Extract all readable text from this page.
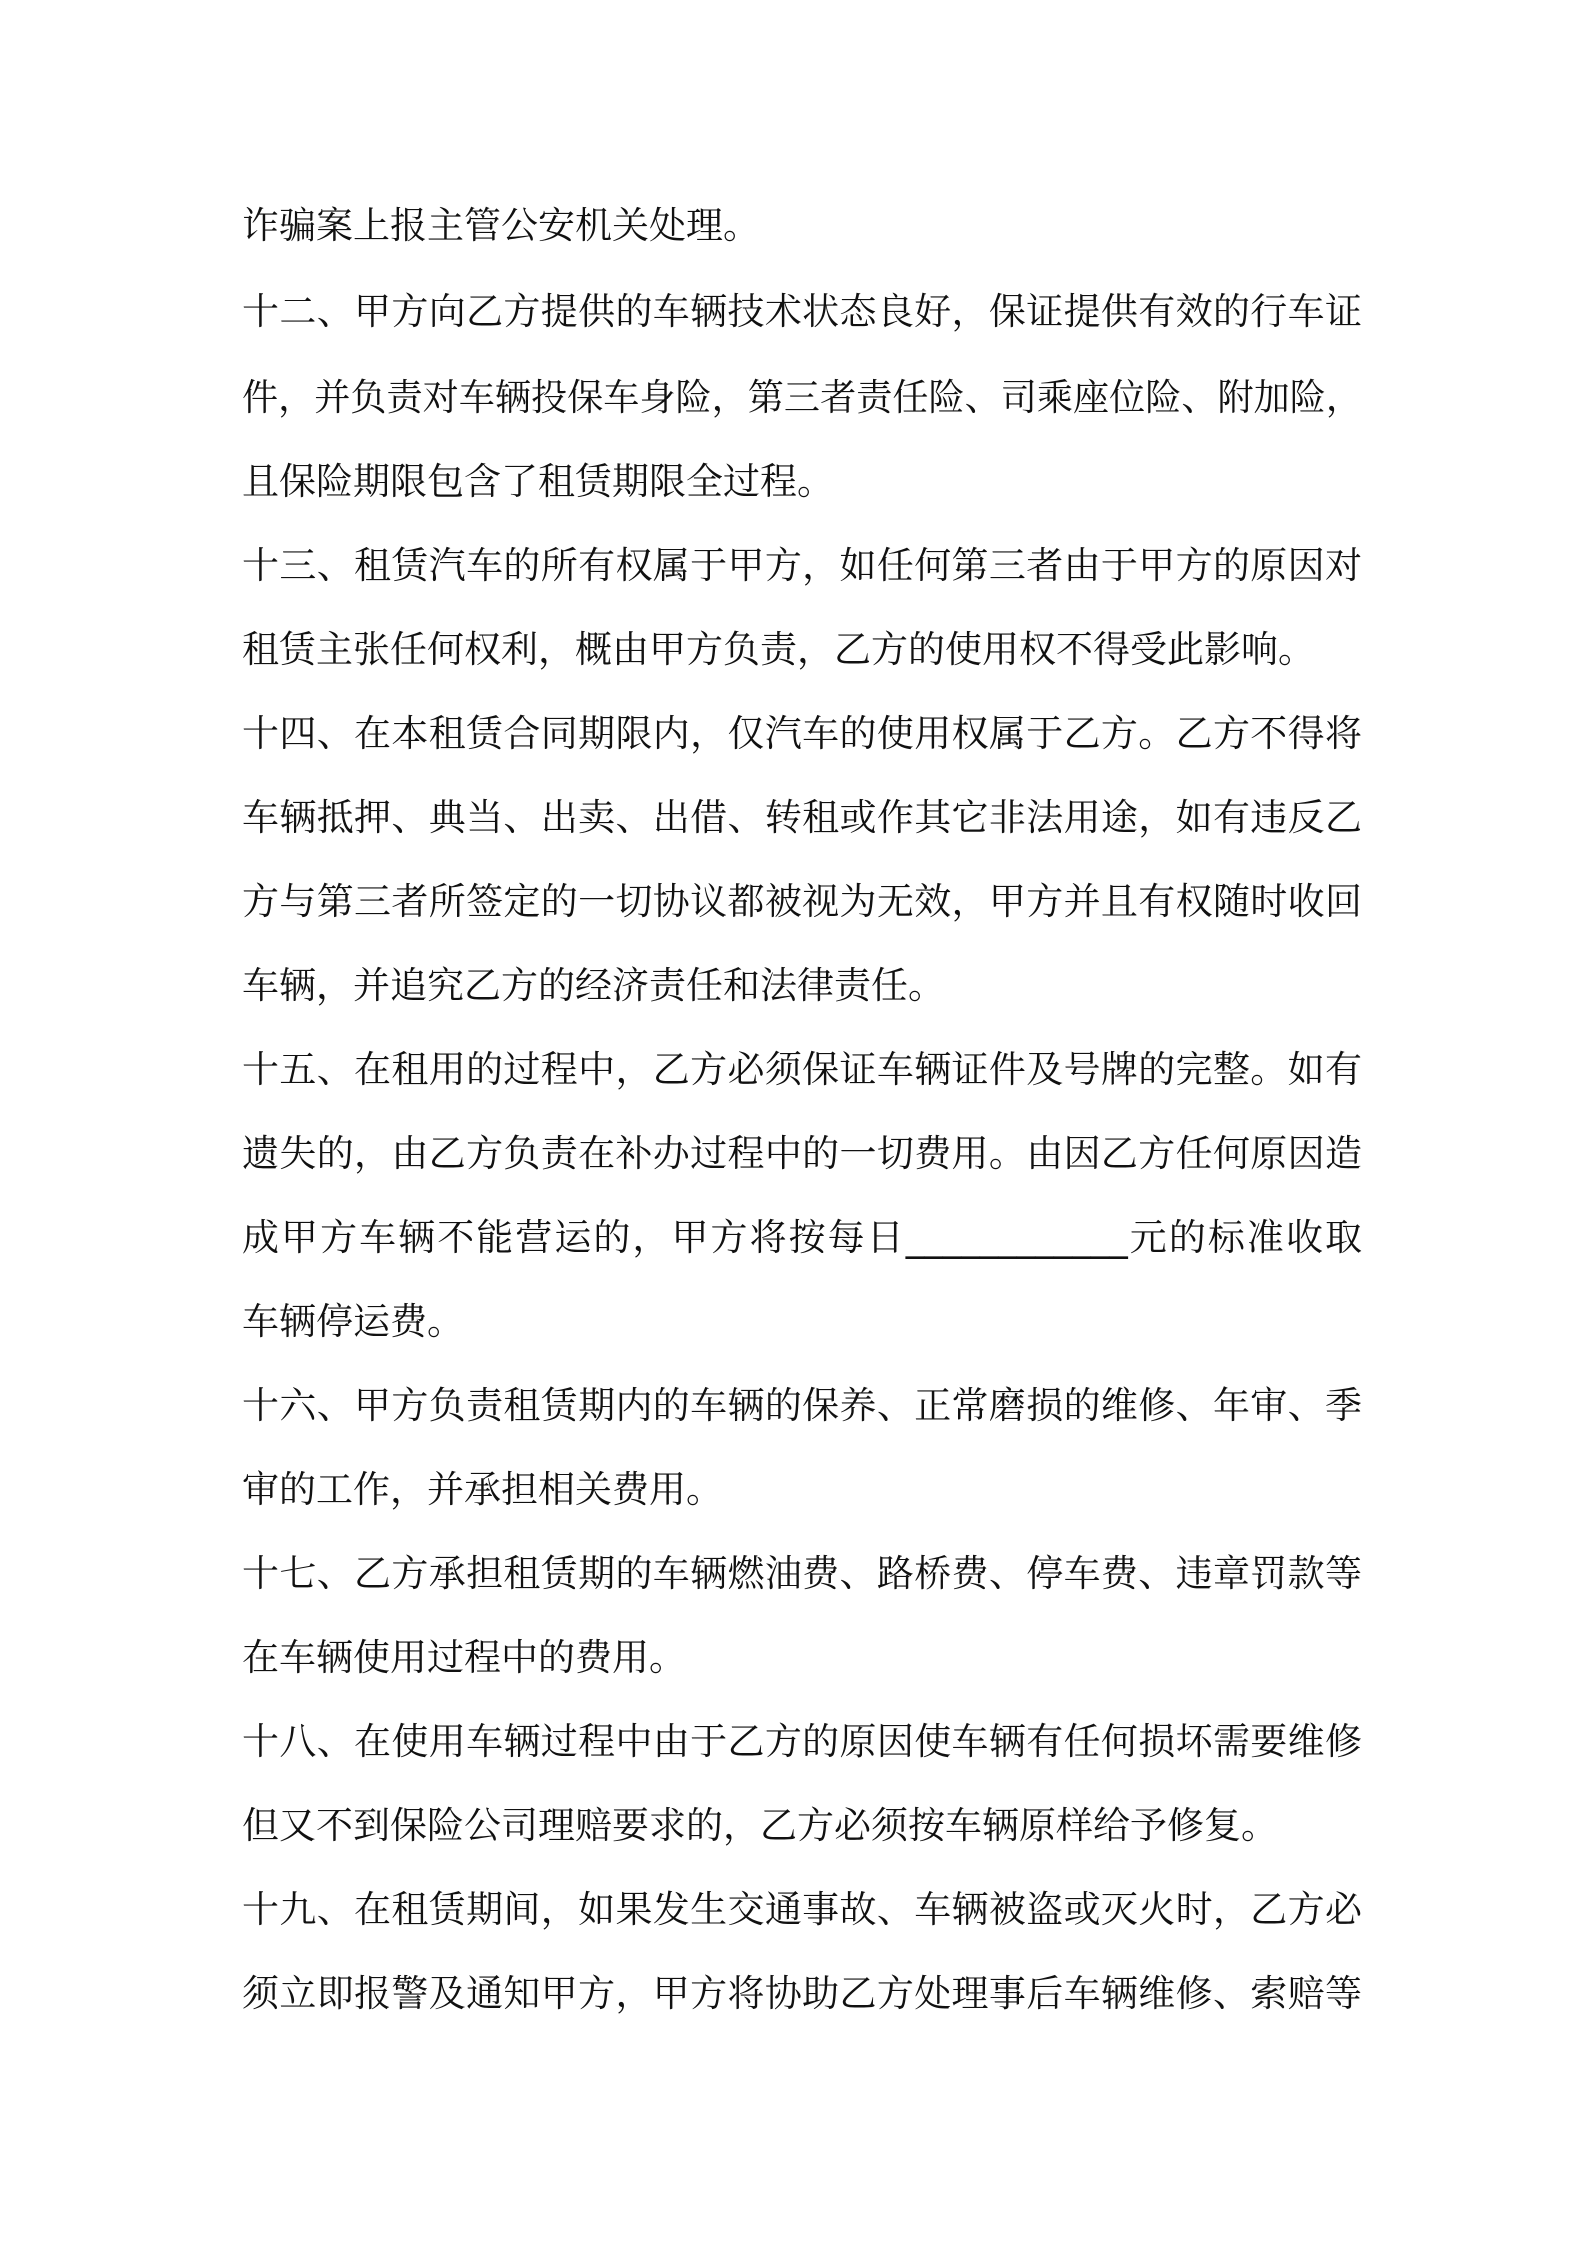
诈骗案上报主管公安机关处理。
十二、甲方向乙方提供的车辆技术状态良好，保证提供有效的行车证
件，并负责对车辆投保车身险，第三者责任险、司乘座位险、附加险，
且保险期限包含了租赁期限全过程。
十三、租赁汽车的所有权属于甲方，如任何第三者由于甲方的原因对
租赁主张任何权利，概由甲方负责，乙方的使用权不得受此影响。
十四、在本租赁合同期限内，仅汽车的使用权属于乙方。乙方不得将
车辆抵押、典当、出卖、出借、转租或作其它非法用途，如有违反乙
方与第三者所签定的一切协议都被视为无效，甲方并且有权随时收回
车辆，并追究乙方的经济责任和法律责任。
十五、在租用的过程中，乙方必须保证车辆证件及号牌的完整。如有
遗失的，由乙方负责在补办过程中的一切费用。由因乙方任何原因造
成甲方车辆不能营运的，甲方将按每日____________元的标准收取
车辆停运费。
十六、甲方负责租赁期内的车辆的保养、正常磨损的维修、年审、季
审的工作，并承担相关费用。
十七、乙方承担租赁期的车辆燃油费、路桥费、停车费、违章罚款等
在车辆使用过程中的费用。
十八、在使用车辆过程中由于乙方的原因使车辆有任何损坏需要维修
但又不到保险公司理赔要求的，乙方必须按车辆原样给予修复。
十九、在租赁期间，如果发生交通事故、车辆被盗或灭火时，乙方必
须立即报警及通知甲方，甲方将协助乙方处理事后车辆维修、索赔等
